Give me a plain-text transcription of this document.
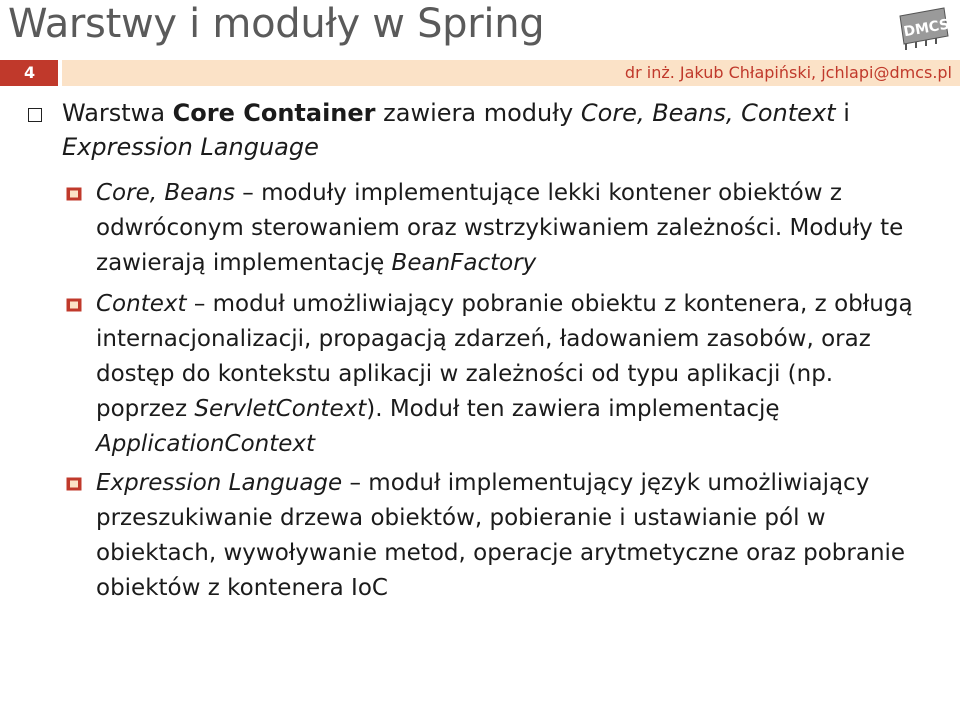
Warstwy i moduły w Spring	DMCS
4	dr inż. Jakub Chłapiński, jchlapi@dmcs.pl
Warstwa Core Container zawiera moduły Core, Beans, Context i Expression Language
Core, Beans – moduły implementujące lekki kontener obiektów z odwróconym sterowaniem oraz wstrzykiwaniem zależności. Moduły te zawierają implementację BeanFactory
Context – moduł umożliwiający pobranie obiektu z kontenera, z obługą internacjonalizacji, propagacją zdarzeń, ładowaniem zasobów, oraz dostęp do kontekstu aplikacji w zależności od typu aplikacji (np. poprzez ServletContext). Moduł ten zawiera implementację ApplicationContext
Expression Language – moduł implementujący język umożliwiający przeszukiwanie drzewa obiektów, pobieranie i ustawianie pól w obiektach, wywoływanie metod, operacje arytmetyczne oraz pobranie obiektów z kontenera IoC
